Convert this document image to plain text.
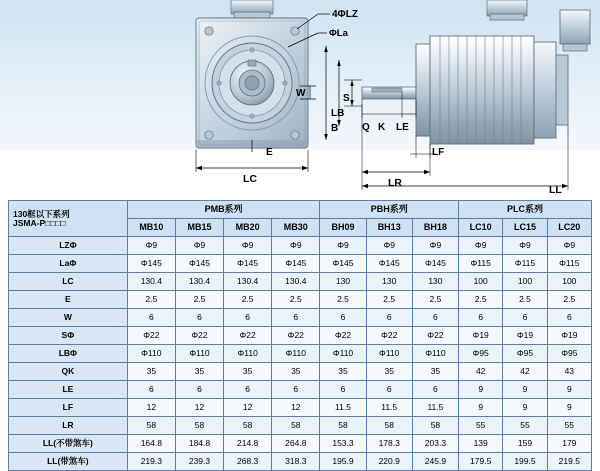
4ΦLZ
ΦLa
W
E
LC
S
LB
B Q K LE
LF
LR
LL
130框以下系列
JSMA-P□□□□	PMB系列				PBH系列			PLC系列		
	MB10	MB15	MB20	MB30	BH09	BH13	BH18	LC10	LC15	LC20
LZΦ	Φ9	Φ9	Φ9	Φ9	Φ9	Φ9	Φ9	Φ9	Φ9	Φ9
LaΦ	Φ145	Φ145	Φ145	Φ145	Φ145	Φ145	Φ145	Φ115	Φ115	Φ115
LC	130.4	130.4	130.4	130.4	130	130	130	100	100	100
E	2.5	2.5	2.5	2.5	2.5	2.5	2.5	2.5	2.5	2.5
W	6	6	6	6	6	6	6	6	6	6
SΦ	Φ22	Φ22	Φ22	Φ22	Φ22	Φ22	Φ22	Φ19	Φ19	Φ19
LBΦ	Φ110	Φ110	Φ110	Φ110	Φ110	Φ110	Φ110	Φ95	Φ95	Φ95
QK	35	35	35	35	35	35	35	42	42	43
LE	6	6	6	6	6	6	6	9	9	9
LF	12	12	12	12	11.5	11.5	11.5	9	9	9
LR	58	58	58	58	58	58	58	55	55	55
LL(不带煞车)	164.8	184.8	214.8	264.8	153.3	178.3	203.3	139	159	179
LL(带煞车)	219.3	239.3	268.3	318.3	195.9	220.9	245.9	179.5	199.5	219.5
